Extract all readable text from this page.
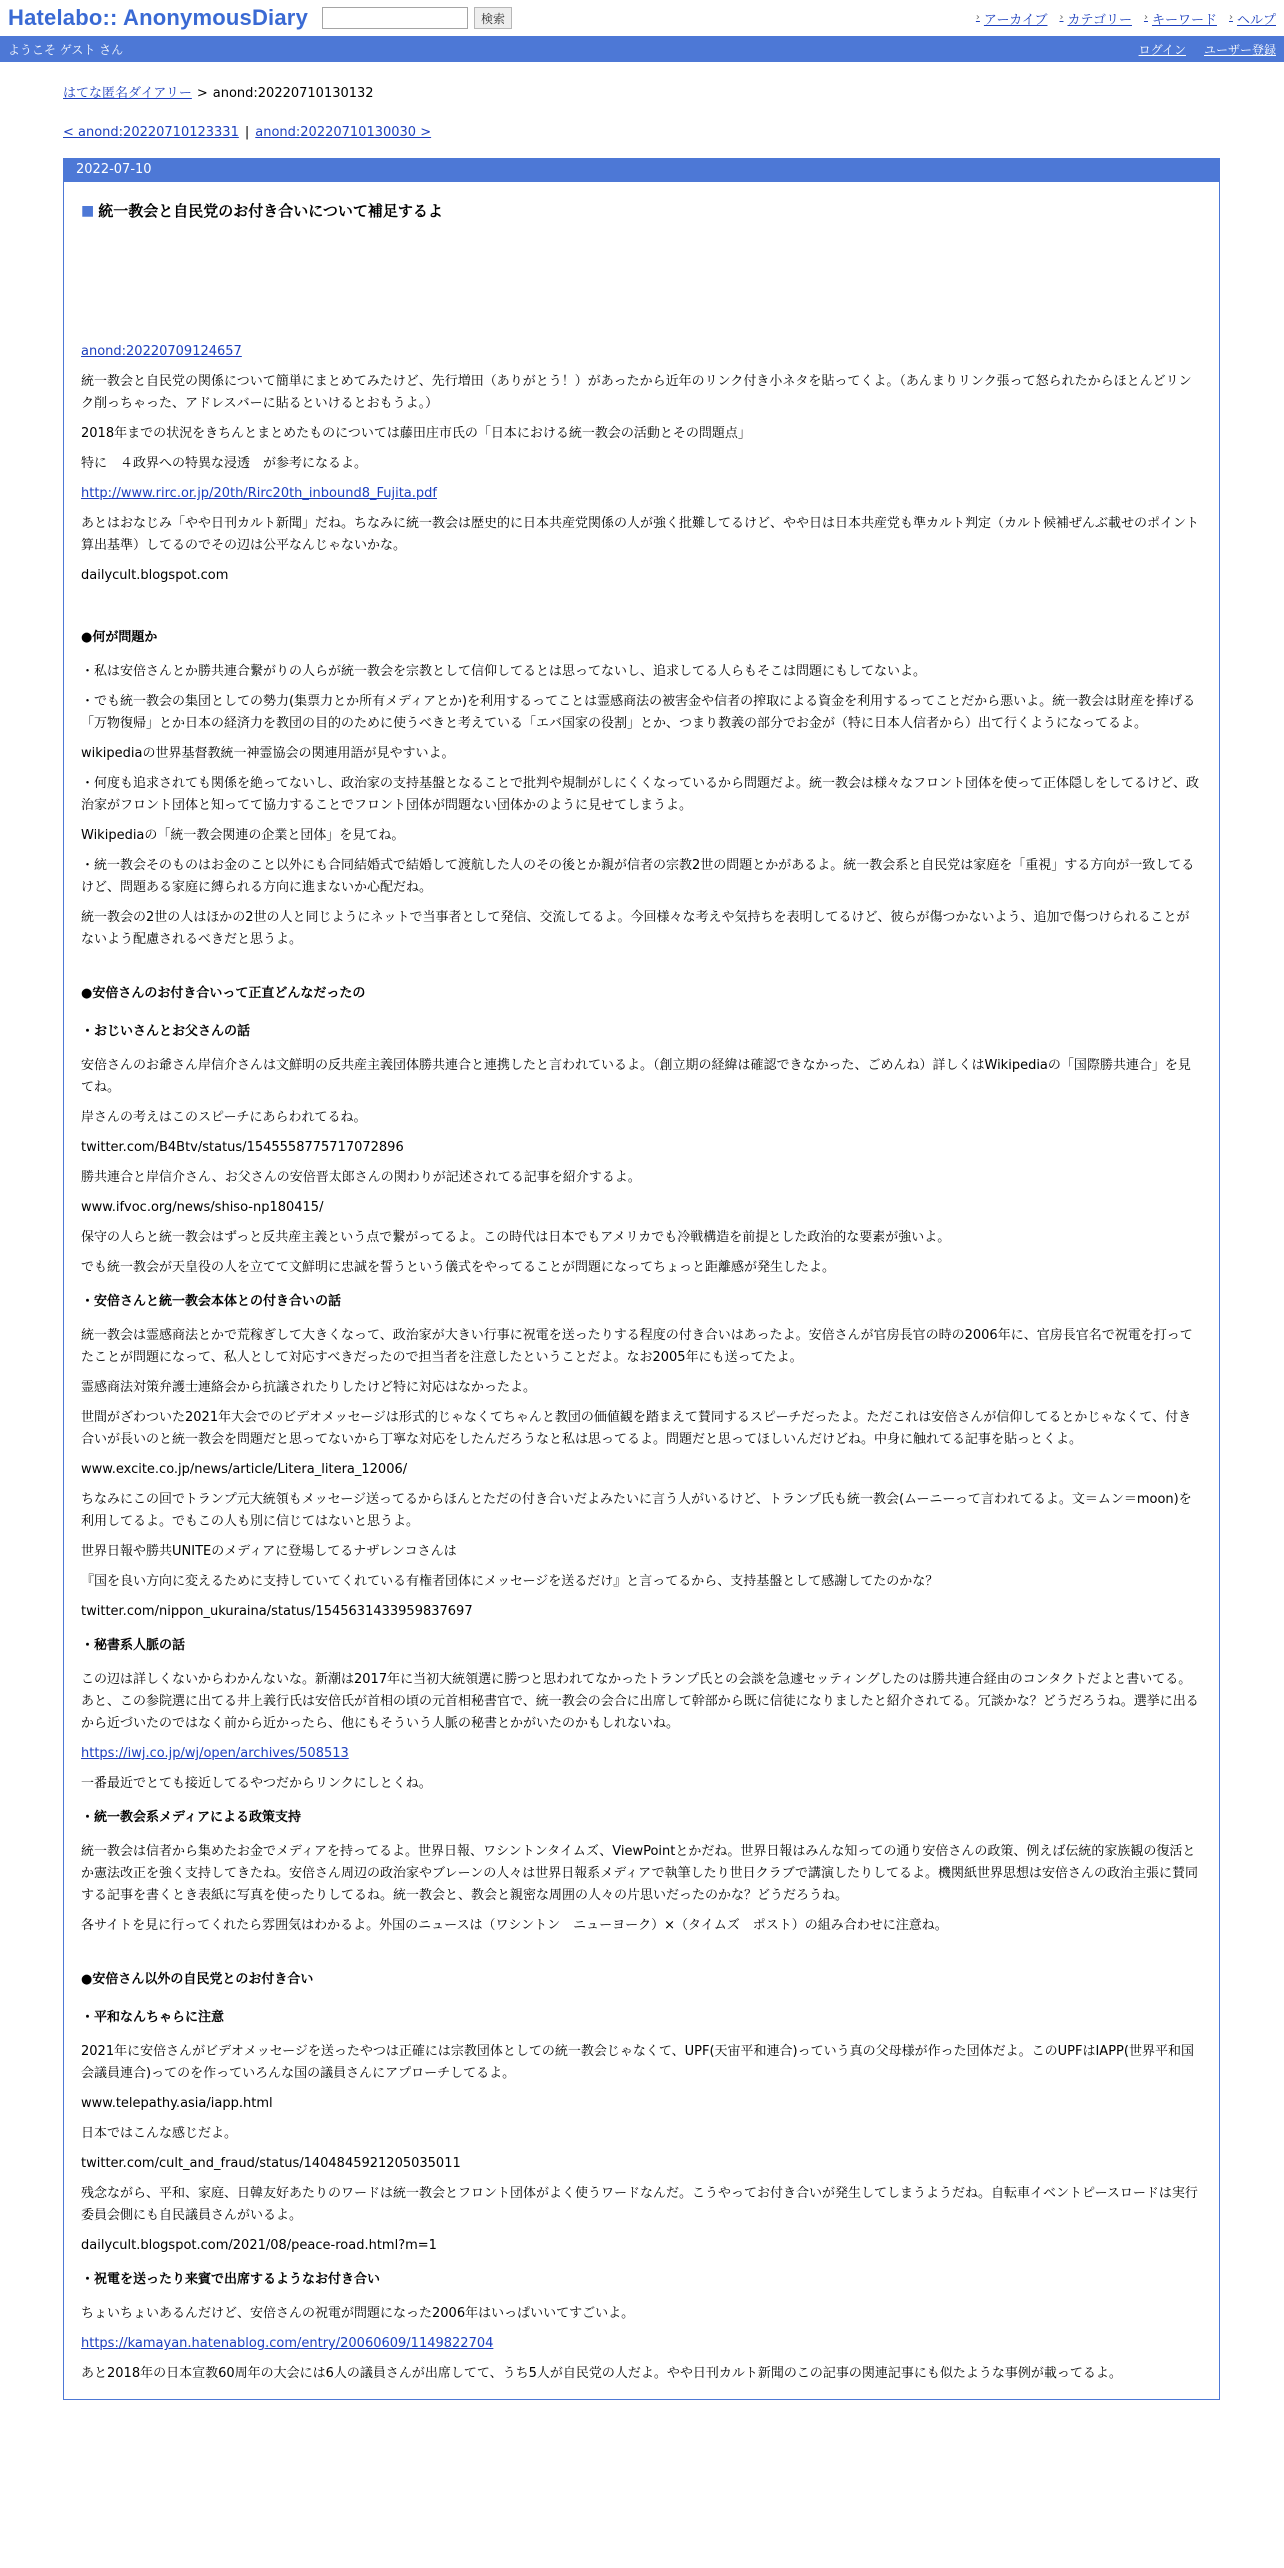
Hatelabo:: AnonymousDiary	検索	› アーカイブ › カテゴリー › キーワード › ヘルプ
ようこそ ゲスト さん	ログイン ユーザー登録
はてな匿名ダイアリー > anond:20220710130132
< anond:20220710123331 | anond:20220710130030 >
2022-07-10
■ 統一教会と自民党のお付き合いについて補足するよ

anond:20220709124657

統一教会と自民党の関係について簡単にまとめてみたけど、先行増田（ありがとう！）があったから近年のリンク付き小ネタを貼ってくよ。（あんまりリンク張って怒られたからほとんどリンク削っちゃった、アドレスバーに貼るといけるとおもうよ。）

2018年までの状況をきちんとまとめたものについては藤田庄市氏の「日本における統一教会の活動とその問題点」

特に　４政界への特異な浸透　が参考になるよ。

http://www.rirc.or.jp/20th/Rirc20th_inbound8_Fujita.pdf

あとはおなじみ「やや日刊カルト新聞」だね。ちなみに統一教会は歴史的に日本共産党関係の人が強く批難してるけど、やや日は日本共産党も準カルト判定（カルト候補ぜんぶ載せのポイント算出基準）してるのでその辺は公平なんじゃないかな。

dailycult.blogspot.com

●何が問題か

・私は安倍さんとか勝共連合繋がりの人らが統一教会を宗教として信仰してるとは思ってないし、追求してる人らもそこは問題にもしてないよ。

・でも統一教会の集団としての勢力(集票力とか所有メディアとか)を利用するってことは霊感商法の被害金や信者の搾取による資金を利用するってことだから悪いよ。統一教会は財産を捧げる「万物復帰」とか日本の経済力を教団の目的のために使うべきと考えている「エバ国家の役割」とか、つまり教義の部分でお金が（特に日本人信者から）出て行くようになってるよ。

wikipediaの世界基督教統一神霊協会の関連用語が見やすいよ。

・何度も追求されても関係を絶ってないし、政治家の支持基盤となることで批判や規制がしにくくなっているから問題だよ。統一教会は様々なフロント団体を使って正体隠しをしてるけど、政治家がフロント団体と知ってて協力することでフロント団体が問題ない団体かのように見せてしまうよ。

Wikipediaの「統一教会関連の企業と団体」を見てね。

・統一教会そのものはお金のこと以外にも合同結婚式で結婚して渡航した人のその後とか親が信者の宗教2世の問題とかがあるよ。統一教会系と自民党は家庭を「重視」する方向が一致してるけど、問題ある家庭に縛られる方向に進まないか心配だね。

統一教会の2世の人はほかの2世の人と同じようにネットで当事者として発信、交流してるよ。今回様々な考えや気持ちを表明してるけど、彼らが傷つかないよう、追加で傷つけられることがないよう配慮されるべきだと思うよ。

●安倍さんのお付き合いって正直どんなだったの

・おじいさんとお父さんの話

安倍さんのお爺さん岸信介さんは文鮮明の反共産主義団体勝共連合と連携したと言われているよ。（創立期の経緯は確認できなかった、ごめんね）詳しくはWikipediaの「国際勝共連合」を見てね。

岸さんの考えはこのスピーチにあらわれてるね。

twitter.com/B4Btv/status/1545558775717072896

勝共連合と岸信介さん、お父さんの安倍晋太郎さんの関わりが記述されてる記事を紹介するよ。

www.ifvoc.org/news/shiso-np180415/

保守の人らと統一教会はずっと反共産主義という点で繋がってるよ。この時代は日本でもアメリカでも冷戦構造を前提とした政治的な要素が強いよ。

でも統一教会が天皇役の人を立てて文鮮明に忠誠を誓うという儀式をやってることが問題になってちょっと距離感が発生したよ。

・安倍さんと統一教会本体との付き合いの話

統一教会は霊感商法とかで荒稼ぎして大きくなって、政治家が大きい行事に祝電を送ったりする程度の付き合いはあったよ。安倍さんが官房長官の時の2006年に、官房長官名で祝電を打ってたことが問題になって、私人として対応すべきだったので担当者を注意したということだよ。なお2005年にも送ってたよ。

霊感商法対策弁護士連絡会から抗議されたりしたけど特に対応はなかったよ。

世間がざわついた2021年大会でのビデオメッセージは形式的じゃなくてちゃんと教団の価値観を踏まえて賛同するスピーチだったよ。ただこれは安倍さんが信仰してるとかじゃなくて、付き合いが長いのと統一教会を問題だと思ってないから丁寧な対応をしたんだろうなと私は思ってるよ。問題だと思ってほしいんだけどね。中身に触れてる記事を貼っとくよ。

www.excite.co.jp/news/article/Litera_litera_12006/

ちなみにこの回でトランプ元大統領もメッセージ送ってるからほんとただの付き合いだよみたいに言う人がいるけど、トランプ氏も統一教会(ムーニーって言われてるよ。文＝ムン＝moon)を利用してるよ。でもこの人も別に信じてはないと思うよ。

世界日報や勝共UNITEのメディアに登場してるナザレンコさんは

『国を良い方向に変えるために支持していてくれている有権者団体にメッセージを送るだけ』と言ってるから、支持基盤として感謝してたのかな？

twitter.com/nippon_ukuraina/status/1545631433959837697

・秘書系人脈の話

この辺は詳しくないからわかんないな。新潮は2017年に当初大統領選に勝つと思われてなかったトランプ氏との会談を急遽セッティングしたのは勝共連合経由のコンタクトだよと書いてる。あと、この参院選に出てる井上義行氏は安倍氏が首相の頃の元首相秘書官で、統一教会の会合に出席して幹部から既に信徒になりましたと紹介されてる。冗談かな？どうだろうね。選挙に出るから近づいたのではなく前から近かったら、他にもそういう人脈の秘書とかがいたのかもしれないね。

https://iwj.co.jp/wj/open/archives/508513

一番最近でとても接近してるやつだからリンクにしとくね。

・統一教会系メディアによる政策支持

統一教会は信者から集めたお金でメディアを持ってるよ。世界日報、ワシントンタイムズ、ViewPointとかだね。世界日報はみんな知っての通り安倍さんの政策、例えば伝統的家族観の復活とか憲法改正を強く支持してきたね。安倍さん周辺の政治家やブレーンの人々は世界日報系メディアで執筆したり世日クラブで講演したりしてるよ。機関紙世界思想は安倍さんの政治主張に賛同する記事を書くとき表紙に写真を使ったりしてるね。統一教会と、教会と親密な周囲の人々の片思いだったのかな？どうだろうね。

各サイトを見に行ってくれたら雰囲気はわかるよ。外国のニュースは（ワシントン　ニューヨーク）×（タイムズ　ポスト）の組み合わせに注意ね。

●安倍さん以外の自民党とのお付き合い

・平和なんちゃらに注意

2021年に安倍さんがビデオメッセージを送ったやつは正確には宗教団体としての統一教会じゃなくて、UPF(天宙平和連合)っていう真の父母様が作った団体だよ。このUPFはIAPP(世界平和国会議員連合)ってのを作っていろんな国の議員さんにアプローチしてるよ。

www.telepathy.asia/iapp.html

日本ではこんな感じだよ。

twitter.com/cult_and_fraud/status/1404845921205035011

残念ながら、平和、家庭、日韓友好あたりのワードは統一教会とフロント団体がよく使うワードなんだ。こうやってお付き合いが発生してしまうようだね。自転車イベントピースロードは実行委員会側にも自民議員さんがいるよ。

dailycult.blogspot.com/2021/08/peace-road.html?m=1

・祝電を送ったり来賓で出席するようなお付き合い

ちょいちょいあるんだけど、安倍さんの祝電が問題になった2006年はいっぱいいてすごいよ。

https://kamayan.hatenablog.com/entry/20060609/1149822704

あと2018年の日本宣教60周年の大会には6人の議員さんが出席してて、うち5人が自民党の人だよ。やや日刊カルト新聞のこの記事の関連記事にも似たような事例が載ってるよ。
